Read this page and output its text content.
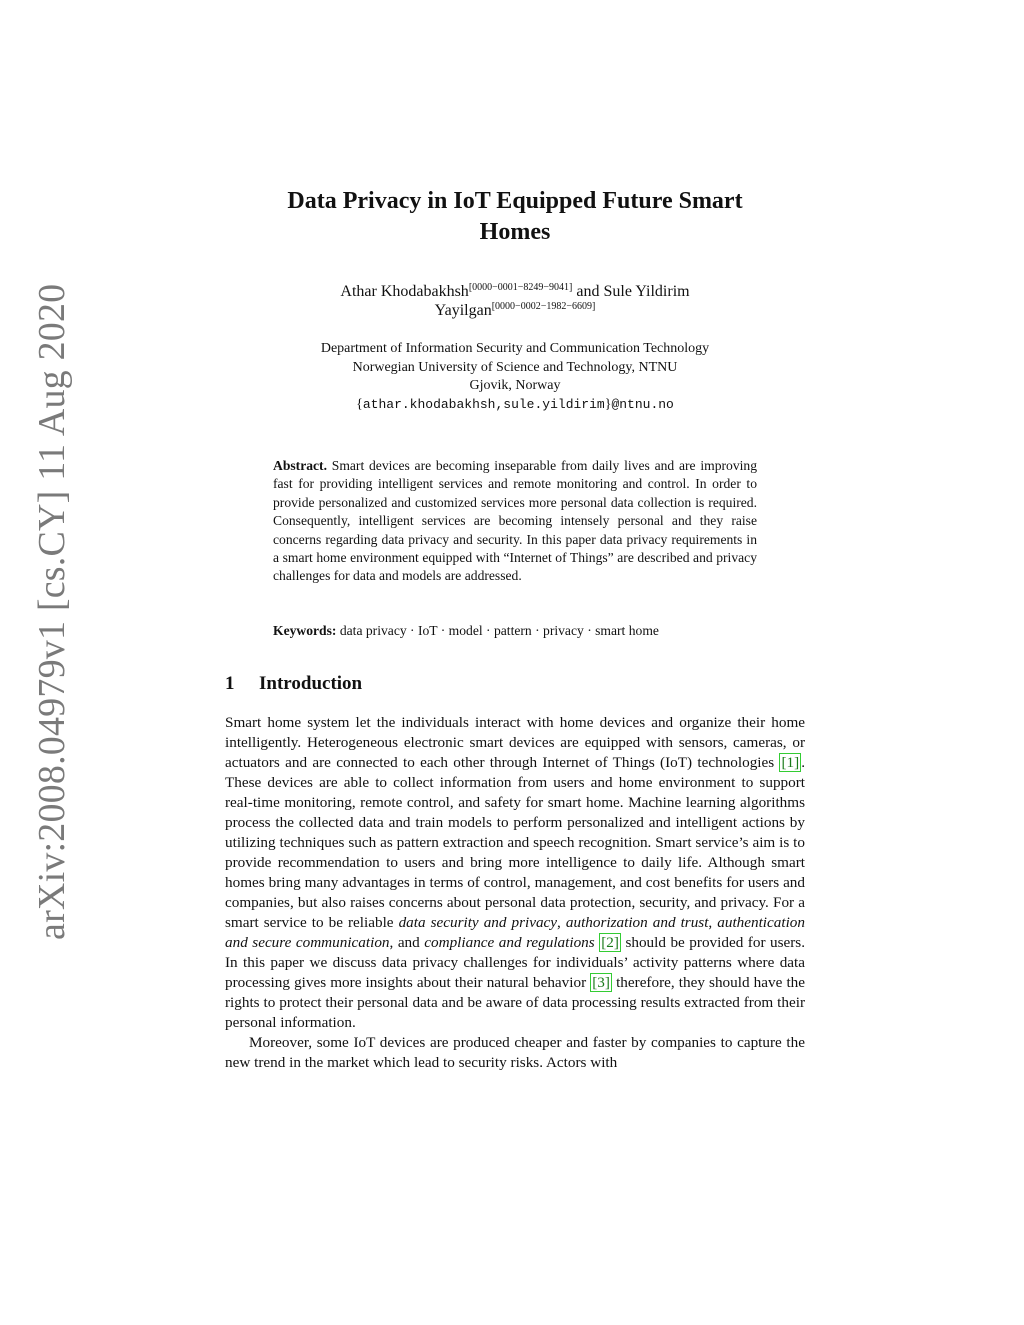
arXiv:2008.04979v1 [cs.CY] 11 Aug 2020
Data Privacy in IoT Equipped Future Smart
Homes
Athar Khodabakhsh[0000−0001−8249−9041] and Sule Yildirim
Yayilgan[0000−0002−1982−6609]
Department of Information Security and Communication Technology
Norwegian University of Science and Technology, NTNU
Gjovik, Norway
{athar.khodabakhsh,sule.yildirim}@ntnu.no
Abstract. Smart devices are becoming inseparable from daily lives and are improving fast for providing intelligent services and remote monitoring and control. In order to provide personalized and customized services more personal data collection is required. Consequently, intelligent services are becoming intensely personal and they raise concerns regarding data privacy and security. In this paper data privacy requirements in a smart home environment equipped with “Internet of Things” are described and privacy challenges for data and models are addressed.
Keywords: data privacy · IoT · model · pattern · privacy · smart home
1 Introduction

Smart home system let the individuals interact with home devices and organize their home intelligently. Heterogeneous electronic smart devices are equipped with sensors, cameras, or actuators and are connected to each other through Internet of Things (IoT) technologies [1] . These devices are able to collect information from users and home environment to support real-time monitoring, remote control, and safety for smart home. Machine learning algorithms process the collected data and train models to perform personalized and intelligent actions by utilizing techniques such as pattern extraction and speech recognition. Smart service’s aim is to provide recommendation to users and bring more intelligence to daily life. Although smart homes bring many advantages in terms of control, management, and cost benefits for users and companies, but also raises concerns about personal data protection, security, and privacy. For a smart service to be reliable data security and privacy, authorization and trust, authentication and secure communication, and compliance and regulations [2] should be provided for users. In this paper we discuss data privacy challenges for individuals’ activity patterns where data processing gives more insights about their natural behavior [3] therefore, they should have the rights to protect their personal data and be aware of data processing results extracted from their personal information.

Moreover, some IoT devices are produced cheaper and faster by companies to capture the new trend in the market which lead to security risks. Actors with
